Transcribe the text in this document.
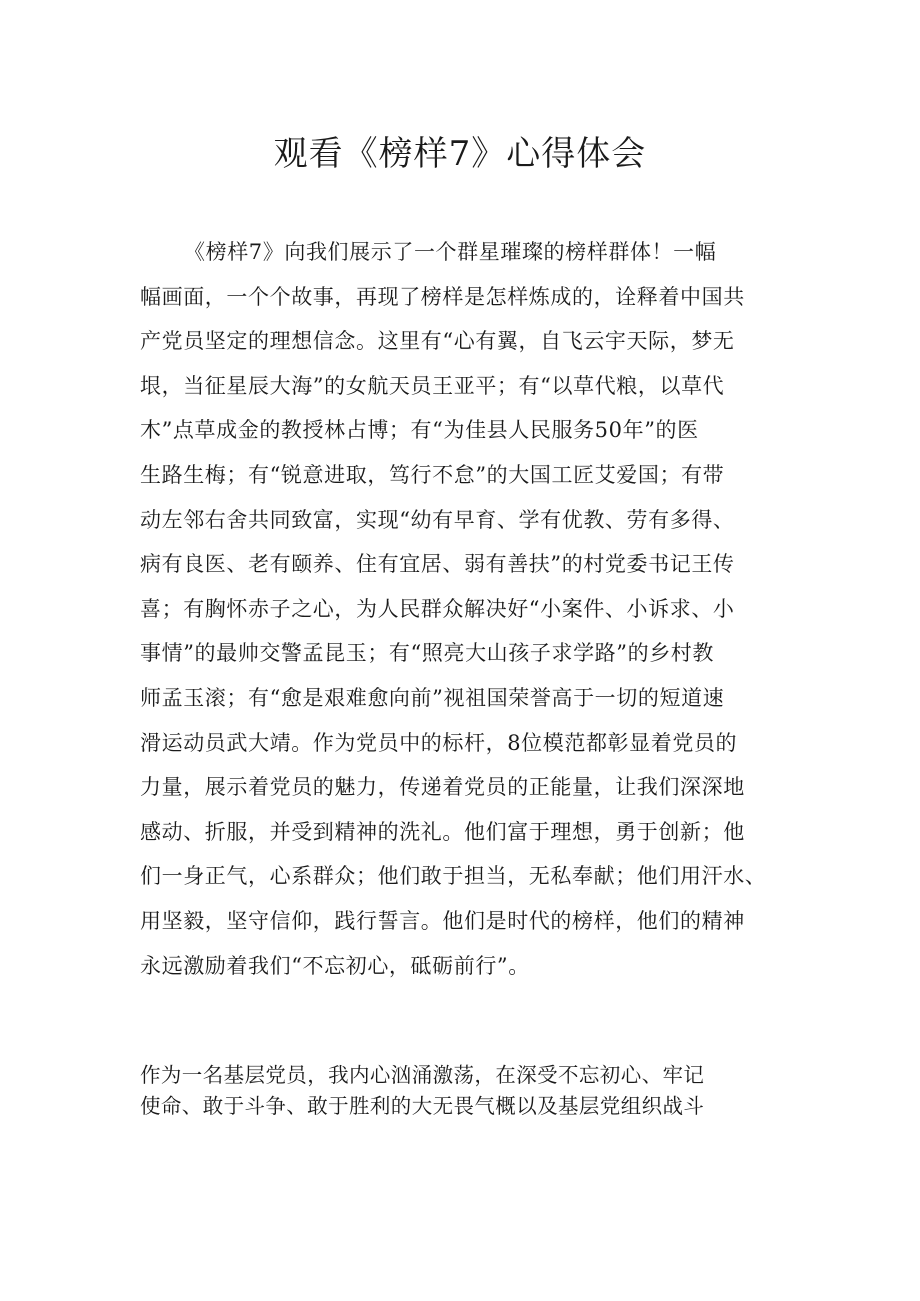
观看《榜样7》心得体会

《榜样7》向我们展示了一个群星璀璨的榜样群体！一幅

幅画面，一个个故事，再现了榜样是怎样炼成的，诠释着中国共

产党员坚定的理想信念。这里有“心有翼，自飞云宇天际，梦无

垠，当征星辰大海”的女航天员王亚平；有“以草代粮，以草代

木”点草成金的教授林占博；有“为佳县人民服务50年”的医

生路生梅；有“锐意进取，笃行不怠”的大国工匠艾爱国；有带

动左邻右舍共同致富，实现“幼有早育、学有优教、劳有多得、

病有良医、老有颐养、住有宜居、弱有善扶”的村党委书记王传

喜；有胸怀赤子之心，为人民群众解决好“小案件、小诉求、小

事情”的最帅交警孟昆玉；有“照亮大山孩子求学路”的乡村教

师孟玉滚；有“愈是艰难愈向前”视祖国荣誉高于一切的短道速

滑运动员武大靖。作为党员中的标杆，8位模范都彰显着党员的

力量，展示着党员的魅力，传递着党员的正能量，让我们深深地

感动、折服，并受到精神的洗礼。他们富于理想，勇于创新；他

们一身正气，心系群众；他们敢于担当，无私奉献；他们用汗水、

用坚毅，坚守信仰，践行誓言。他们是时代的榜样，他们的精神

永远激励着我们“不忘初心，砥砺前行”。

作为一名基层党员，我内心汹涌激荡，在深受不忘初心、牢记

使命、敢于斗争、敢于胜利的大无畏气概以及基层党组织战斗
